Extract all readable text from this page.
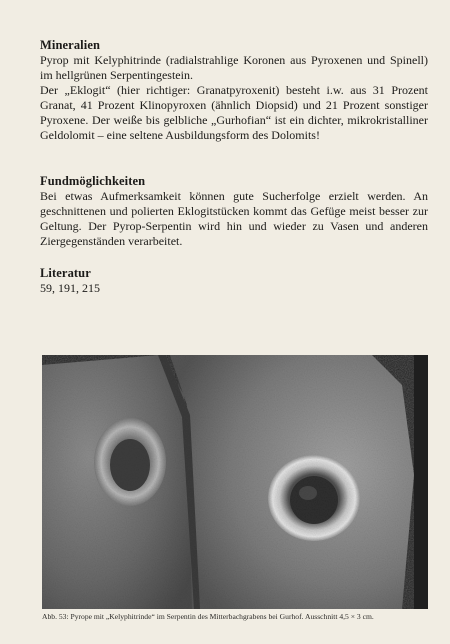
Mineralien

Pyrop mit Kelyphitrinde (radialstrahlige Koronen aus Pyroxenen und Spinell) im hellgrünen Serpentingestein.

Der „Eklogit“ (hier richtiger: Granatpyroxenit) besteht i.w. aus 31 Prozent Granat, 41 Prozent Klinopyroxen (ähnlich Diopsid) und 21 Prozent sonstiger Pyroxene. Der weiße bis gelbliche „Gurhofian“ ist ein dichter, mikrokristalliner Geldolomit – eine seltene Ausbildungsform des Dolomits!

Fundmöglichkeiten

Bei etwas Aufmerksamkeit können gute Sucherfolge erzielt werden. An geschnittenen und polierten Eklogitstücken kommt das Gefüge meist besser zur Geltung. Der Pyrop-Serpentin wird hin und wieder zu Vasen und anderen Ziergegenständen verarbeitet.

Literatur

59, 191, 215

Abb. 53: Pyrope mit „Kelyphitrinde“ im Serpentin des Mitterbachgrabens bei Gurhof. Ausschnitt 4,5 × 3 cm.
